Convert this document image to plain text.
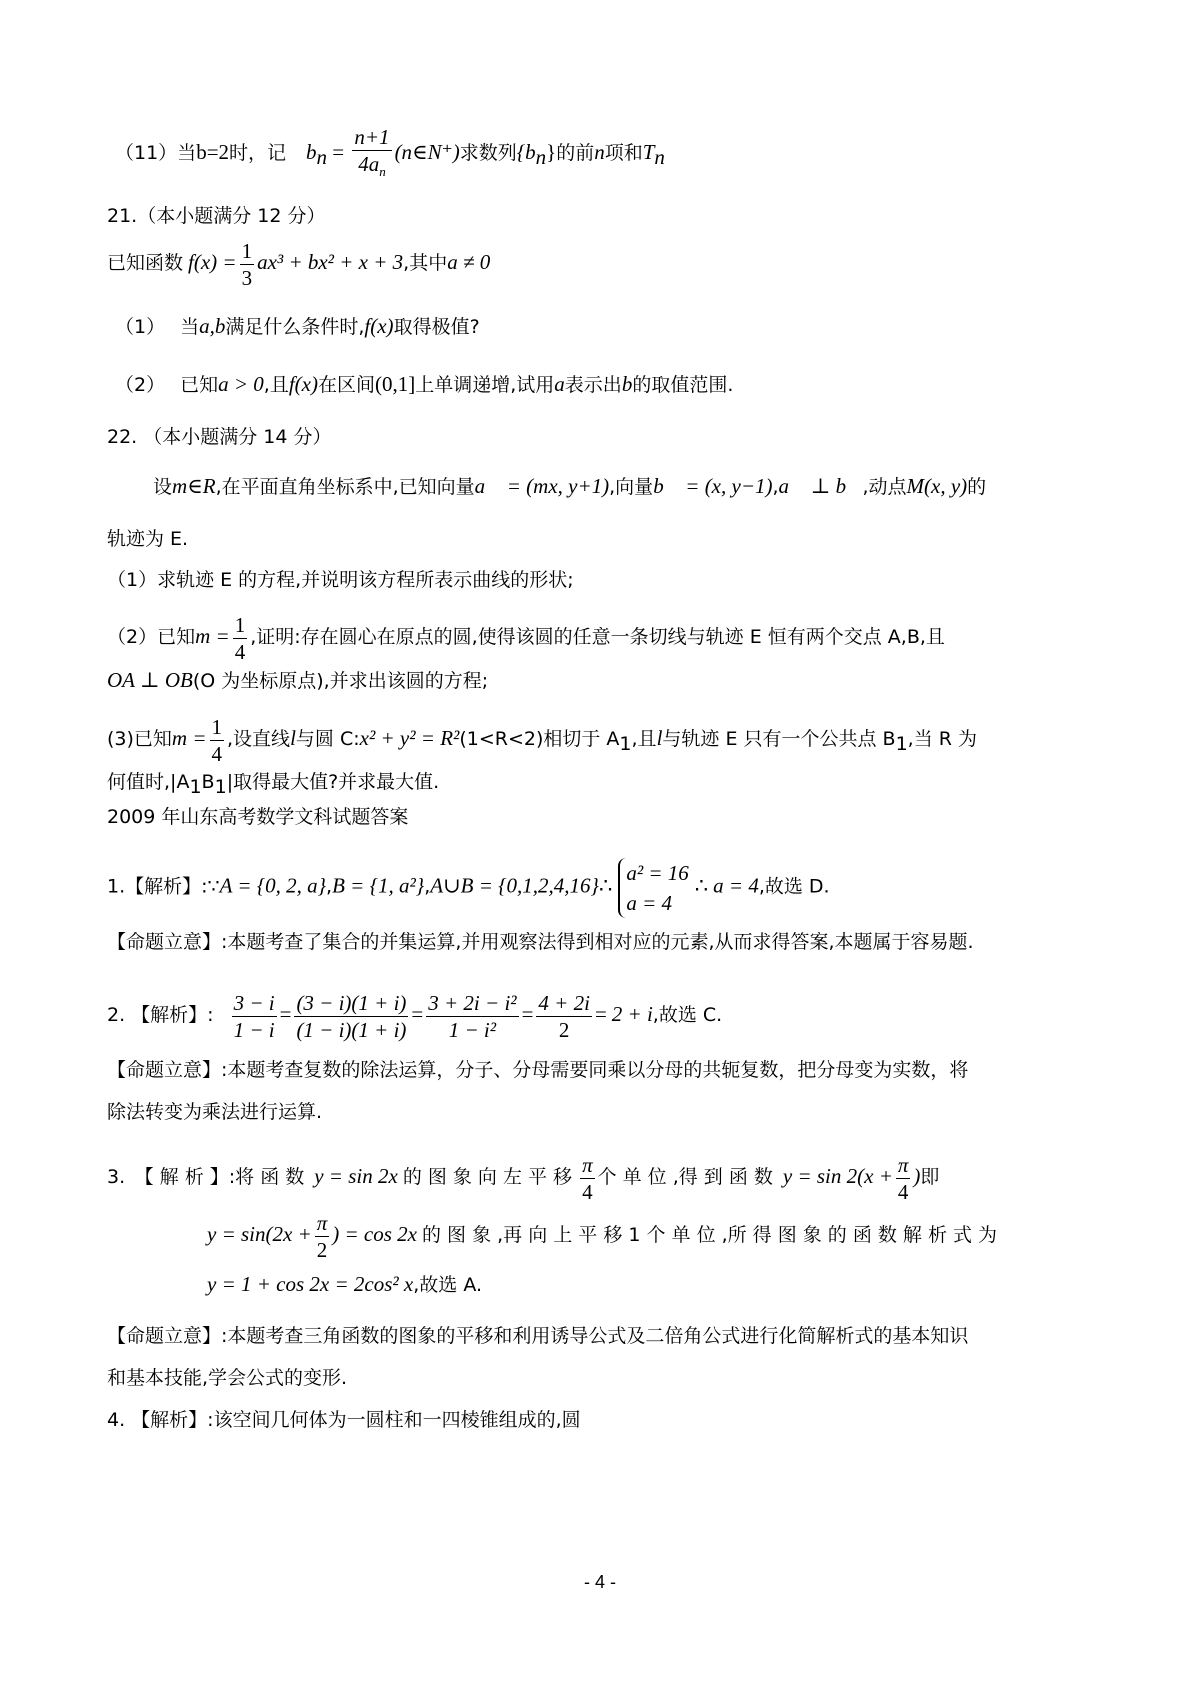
（11）当b=2时，记 $b_n = \frac{n+1}{4a_n}$ (n∈N⁺)求数列$\{b_n\}$的前n项和$T_n$
21.（本小题满分 12 分）
已知函数 $f(x) = \frac{1}{3} ax^3 + bx^2 + x + 3$,其中a ≠ 0
（1） 当a,b满足什么条件时,f(x)取得极值?
（2） 已知a > 0,且f(x)在区间(0,1]上单调递增,试用a表示出b的取值范围.
22. （本小题满分 14 分）
设m∈R,在平面直角坐标系中,已知向量a⃗ = (mx, y+1),向量b⃗ = (x, y−1),a⃗ ⊥ b⃗,动点M(x, y)的
轨迹为 E.
（1）求轨迹 E 的方程,并说明该方程所表示曲线的形状;
（2）已知$m = \frac{1}{4}$ ,证明:存在圆心在原点的圆,使得该圆的任意一条切线与轨迹 E 恒有两个交点 A,B,且
OA ⊥ OB(O 为坐标原点),并求出该圆的方程;
(3)已知$m = \frac{1}{4}$ ,设直线l与圆 C:x² + y² = R²(1<R<2)相切于 $A_1$,且l与轨迹 E 只有一个公共点 $B_1$,当 R 为
何值时$,|A_1B_1|$取得最大值?并求最大值.
2009 年山东高考数学文科试题答案
1.【解析】:∵A = {0, 2, a},B = {1, a²},A∪B = {0,1,2,4,16}∴
a² = 16
a = 4
∴ a = 4,故选 D.
【命题立意】:本题考查了集合的并集运算,并用观察法得到相对应的元素,从而求得答案,本题属于容易题.
2. 【解析】: $\frac{3 - i}{1 - i} = \frac{(3 - i)(1 + i)}{(1 - i)(1 + i)} = \frac{\text{3 + 2i − i²}}{\text{1 − i²}} = \frac{4 + 2i}{2} = 2 + i$,故选 C.
【命题立意】:本题考查复数的除法运算，分子、分母需要同乘以分母的共轭复数，把分母变为实数，将
除法转变为乘法进行运算.
3.　【 解 析 】:将 函 数 y = sin 2x 的 图 象 向 左 平 移 $\frac{\pi}{4}$ 个 单 位 ,得 到 函 数 $y = \sin 2(x + \frac{\pi}{4}$ )即
$y = \sin(2x + \frac{\pi}{2}$ ) = cos 2x 的 图 象 ,再 向 上 平 移 1 个 单 位 ,所 得 图 象 的 函 数 解 析 式 为
y = 1 + cos 2x = 2cos² x,故选 A.
【命题立意】:本题考查三角函数的图象的平移和利用诱导公式及二倍角公式进行化简解析式的基本知识
和基本技能,学会公式的变形.
4. 【解析】:该空间几何体为一圆柱和一四棱锥组成的,圆
- 4 -
